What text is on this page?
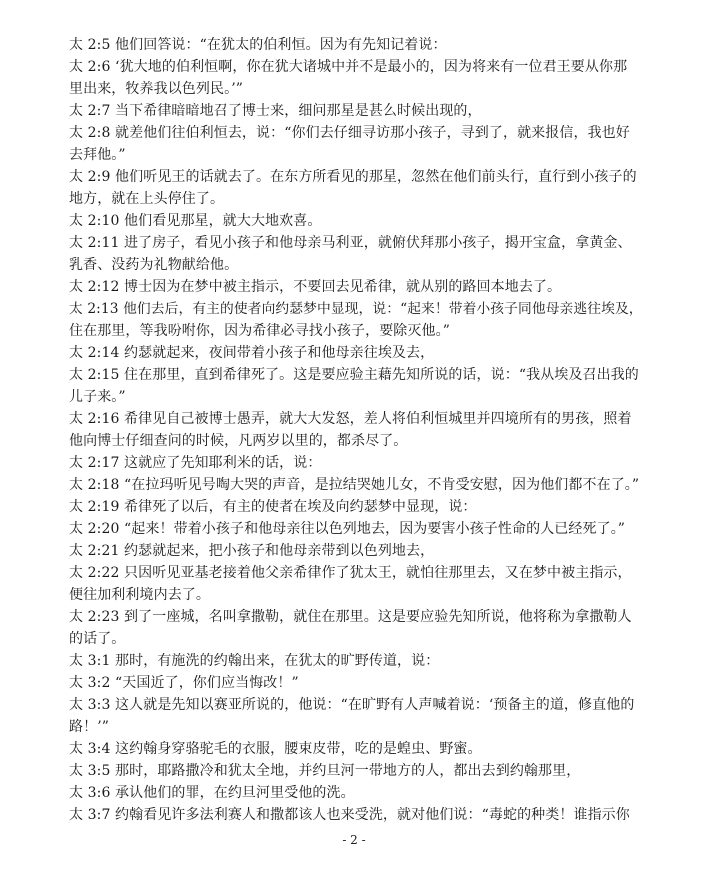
太 2:5 他们回答说：“在犹太的伯利恒。因为有先知记着说：
太 2:6 ‘犹大地的伯利恒啊，你在犹大诸城中并不是最小的，因为将来有一位君王要从你那
里出来，牧养我以色列民。’”
太 2:7 当下希律暗暗地召了博士来，细问那星是甚么时候出现的，
太 2:8 就差他们往伯利恒去，说：“你们去仔细寻访那小孩子，寻到了，就来报信，我也好
去拜他。”
太 2:9 他们听见王的话就去了。在东方所看见的那星，忽然在他们前头行，直行到小孩子的
地方，就在上头停住了。
太 2:10 他们看见那星，就大大地欢喜。
太 2:11 进了房子，看见小孩子和他母亲马利亚，就俯伏拜那小孩子，揭开宝盒，拿黄金、
乳香、没药为礼物献给他。
太 2:12 博士因为在梦中被主指示，不要回去见希律，就从别的路回本地去了。
太 2:13 他们去后，有主的使者向约瑟梦中显现，说：“起来！带着小孩子同他母亲逃往埃及，
住在那里，等我吩咐你，因为希律必寻找小孩子，要除灭他。”
太 2:14 约瑟就起来，夜间带着小孩子和他母亲往埃及去，
太 2:15 住在那里，直到希律死了。这是要应验主藉先知所说的话，说：“我从埃及召出我的
儿子来。”
太 2:16 希律见自己被博士愚弄，就大大发怒，差人将伯利恒城里并四境所有的男孩，照着
他向博士仔细查问的时候，凡两岁以里的，都杀尽了。
太 2:17 这就应了先知耶利米的话，说：
太 2:18 “在拉玛听见号啕大哭的声音，是拉结哭她儿女，不肯受安慰，因为他们都不在了。”
太 2:19 希律死了以后，有主的使者在埃及向约瑟梦中显现，说：
太 2:20 “起来！带着小孩子和他母亲往以色列地去，因为要害小孩子性命的人已经死了。”
太 2:21 约瑟就起来，把小孩子和他母亲带到以色列地去，
太 2:22 只因听见亚基老接着他父亲希律作了犹太王，就怕往那里去，又在梦中被主指示，
便往加利利境内去了。
太 2:23 到了一座城，名叫拿撒勒，就住在那里。这是要应验先知所说，他将称为拿撒勒人
的话了。
太 3:1 那时，有施洗的约翰出来，在犹太的旷野传道，说：
太 3:2 “天国近了，你们应当悔改！”
太 3:3 这人就是先知以赛亚所说的，他说：“在旷野有人声喊着说：‘预备主的道，修直他的
路！’”
太 3:4 这约翰身穿骆驼毛的衣服，腰束皮带，吃的是蝗虫、野蜜。
太 3:5 那时，耶路撒冷和犹太全地，并约旦河一带地方的人，都出去到约翰那里，
太 3:6 承认他们的罪，在约旦河里受他的洗。
太 3:7 约翰看见许多法利赛人和撒都该人也来受洗，就对他们说：“毒蛇的种类！谁指示你
- 2 -
